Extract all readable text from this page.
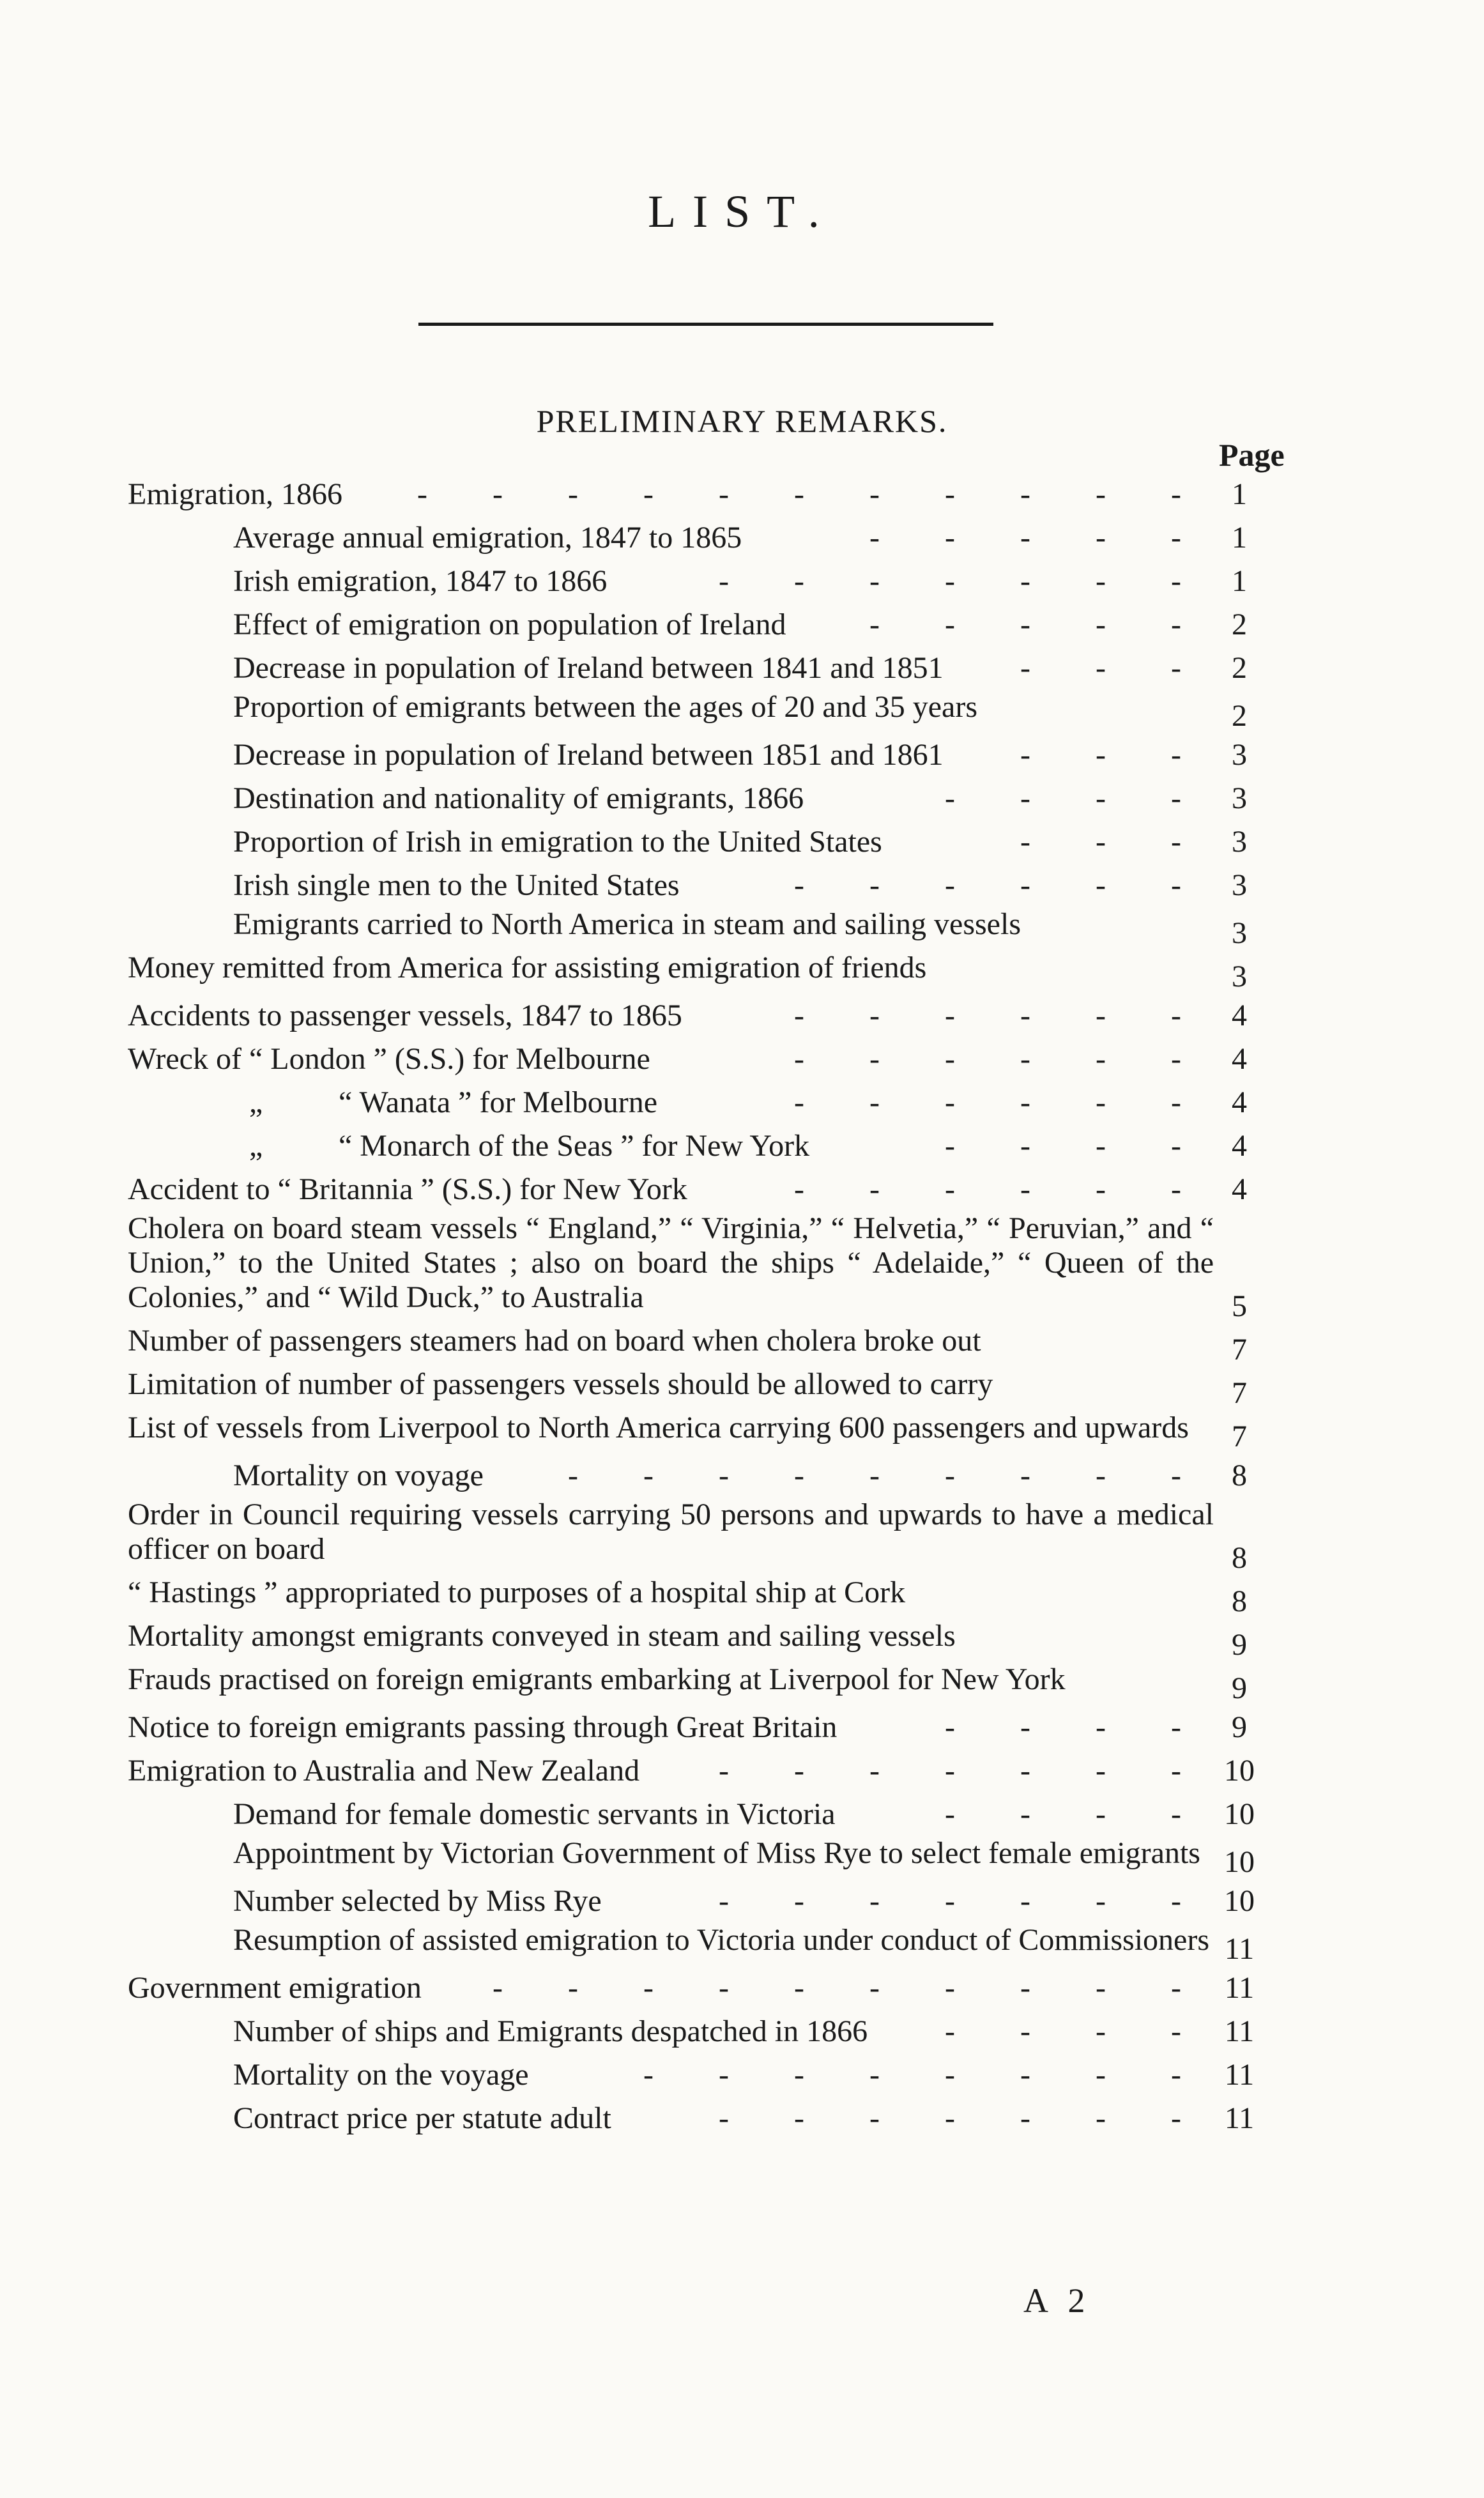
LIST.
PRELIMINARY REMARKS.
Page
Emigration, 1866	- - - - - - - - - - -	1
Average annual emigration, 1847 to 1865	- - - - -	1
Irish emigration, 1847 to 1866	- - - - - - -	1
Effect of emigration on population of Ireland	- - - - -	2
Decrease in population of Ireland between 1841 and 1851	- - -	2
Proportion of emigrants between the ages of 20 and 35 years	2
Decrease in population of Ireland between 1851 and 1861	- - -	3
Destination and nationality of emigrants, 1866	- - - -	3
Proportion of Irish in emigration to the United States	- - -	3
Irish single men to the United States	- - - - - -	3
Emigrants carried to North America in steam and sailing vessels	3
Money remitted from America for assisting emigration of friends	3
Accidents to passenger vessels, 1847 to 1865	- - - - - -	4
Wreck of “ London ” (S.S.) for Melbourne	- - - - - -	4
„ “ Wanata ” for Melbourne	- - - - - -	4
„ “ Monarch of the Seas ” for New York	- - - -	4
Accident to “ Britannia ” (S.S.) for New York	- - - - - -	4
Cholera on board steam vessels “ England,” “ Virginia,” “ Helvetia,” “ Peruvian,” and “ Union,” to the United States ; also on board the ships “ Adelaide,” “ Queen of the Colonies,” and “ Wild Duck,” to Australia	5
Number of passengers steamers had on board when cholera broke out	7
Limitation of number of passengers vessels should be allowed to carry	7
List of vessels from Liverpool to North America carrying 600 passengers and upwards	7
Mortality on voyage	- - - - - - - - -	8
Order in Council requiring vessels carrying 50 persons and upwards to have a medical officer on board	8
“ Hastings ” appropriated to purposes of a hospital ship at Cork	8
Mortality amongst emigrants conveyed in steam and sailing vessels	9
Frauds practised on foreign emigrants embarking at Liverpool for New York	9
Notice to foreign emigrants passing through Great Britain	- - - -	9
Emigration to Australia and New Zealand	- - - - - - -	10
Demand for female domestic servants in Victoria	- - - -	10
Appointment by Victorian Government of Miss Rye to select female emigrants 10
Number selected by Miss Rye	- - - - - - -	10
Resumption of assisted emigration to Victoria under conduct of Commissioners 11
Government emigration	- - - - - - - - - -	11
Number of ships and Emigrants despatched in 1866	- - - -	11
Mortality on the voyage	- - - - - - - -	11
Contract price per statute adult	- - - - - - -	11
A 2
